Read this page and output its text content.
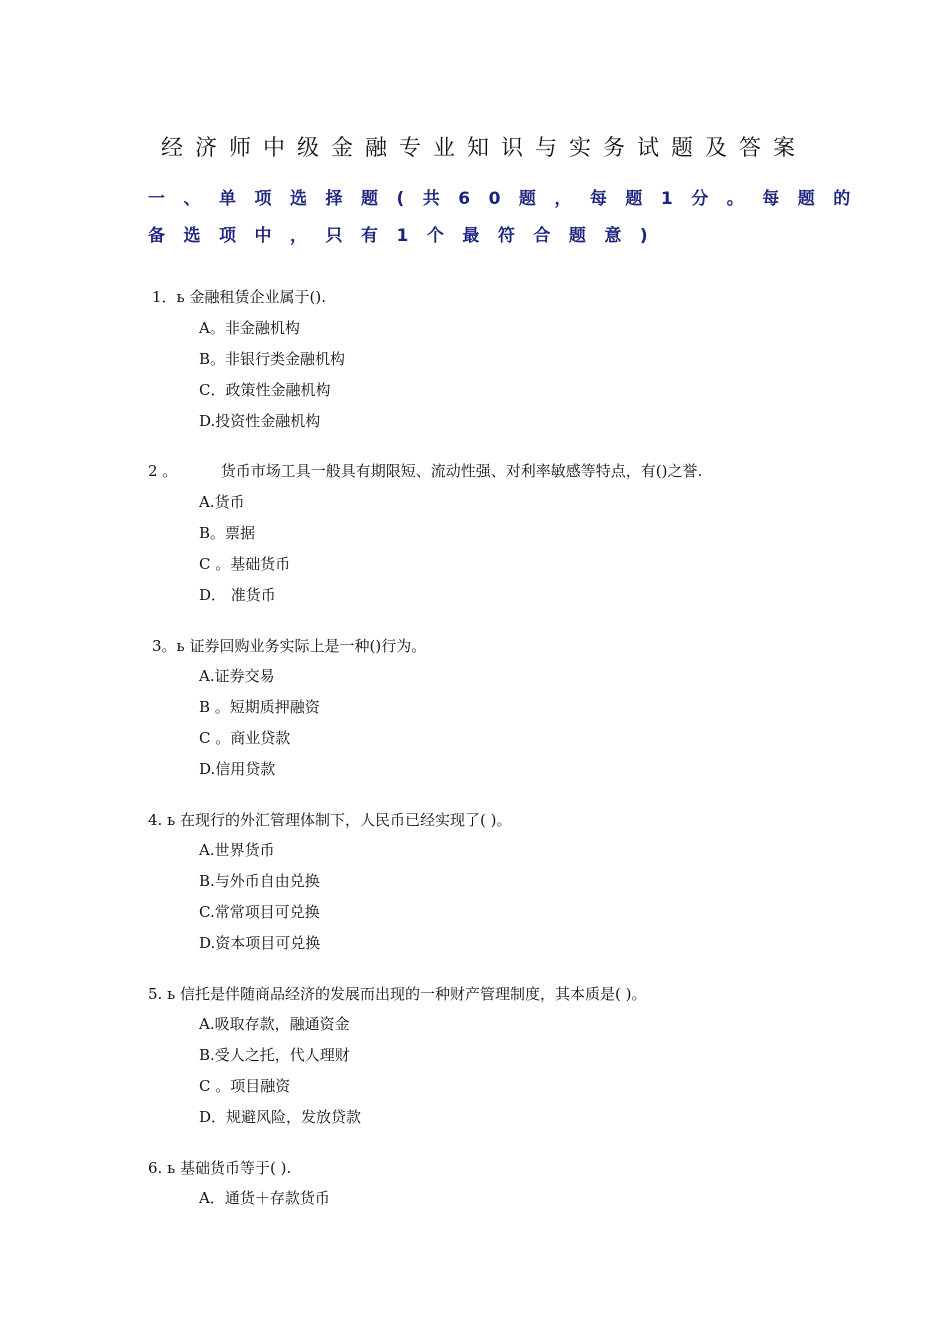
经济师中级金融专业知识与实务试题及答案
一、单项选择题(共60题，每题1分。每题的
备选项中，只有1个最符合题意)
1．ь 金融租赁企业属于().
A。非金融机构
B。非银行类金融机构
C．政策性金融机构
D.投资性金融机构
2 。	货币市场工具一般具有期限短、流动性强、对利率敏感等特点，有()之誉.
A.货币
B。票据
C 。基础货币
D． 准货币
3。ь 证券回购业务实际上是一种()行为。
A.证券交易
B 。短期质押融资
C 。商业贷款
D.信用贷款
4. ь 在现行的外汇管理体制下，人民币已经实现了( )。
A.世界货币
B.与外币自由兑换
C.常常项目可兑换
D.资本项目可兑换
5. ь 信托是伴随商品经济的发展而出现的一种财产管理制度，其本质是( )。
A.吸取存款，融通资金
B.受人之托，代人理财
C 。项目融资
D．规避风险，发放贷款
6. ь 基础货币等于( ).
A．通货＋存款货币
